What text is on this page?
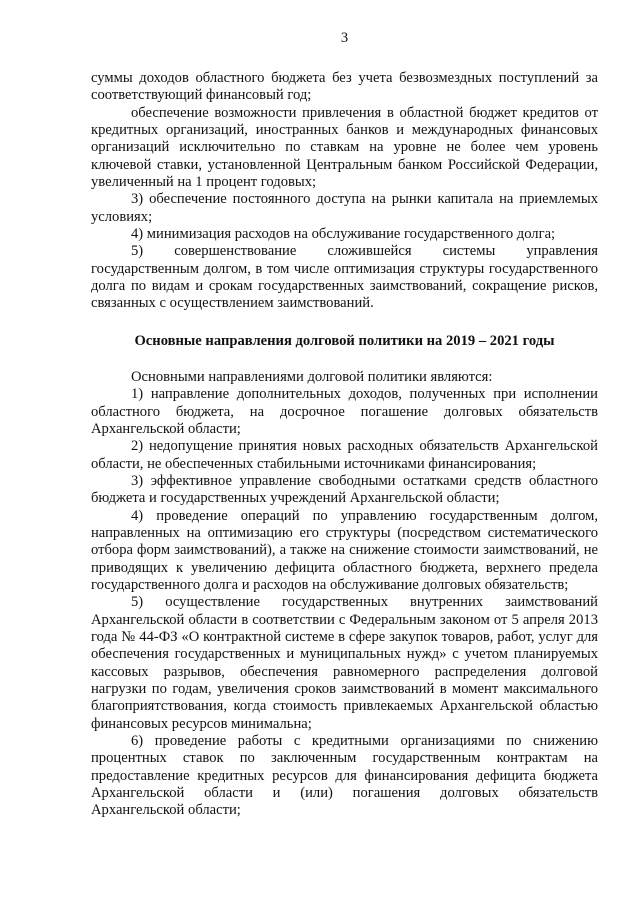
3

суммы доходов областного бюджета без учета безвозмездных поступлений за соответствующий финансовый год;

обеспечение возможности привлечения в областной бюджет кредитов от кредитных организаций, иностранных банков и международных финансовых организаций исключительно по ставкам на уровне не более чем уровень ключевой ставки, установленной Центральным банком Российской Федерации, увеличенный на 1 процент годовых;

3) обеспечение постоянного доступа на рынки капитала на приемлемых условиях;

4) минимизация расходов на обслуживание государственного долга;

5) совершенствование сложившейся системы управления государственным долгом, в том числе оптимизация структуры государственного долга по видам и срокам государственных заимствований, сокращение рисков, связанных с осуществлением заимствований.

Основные направления долговой политики на 2019 – 2021 годы

Основными направлениями долговой политики являются:

1) направление дополнительных доходов, полученных при исполнении областного бюджета, на досрочное погашение долговых обязательств Архангельской области;

2) недопущение принятия новых расходных обязательств Архангельской области, не обеспеченных стабильными источниками финансирования;

3) эффективное управление свободными остатками средств областного бюджета и государственных учреждений Архангельской области;

4) проведение операций по управлению государственным долгом, направленных на оптимизацию его структуры (посредством систематического отбора форм заимствований), а также на снижение стоимости заимствований, не приводящих к увеличению дефицита областного бюджета, верхнего предела государственного долга и расходов на обслуживание долговых обязательств;

5) осуществление государственных внутренних заимствований Архангельской области в соответствии с Федеральным законом от 5 апреля 2013 года № 44-ФЗ «О контрактной системе в сфере закупок товаров, работ, услуг для обеспечения государственных и муниципальных нужд» с учетом планируемых кассовых разрывов, обеспечения равномерного распределения долговой нагрузки по годам, увеличения сроков заимствований в момент максимального благоприятствования, когда стоимость привлекаемых Архангельской областью финансовых ресурсов минимальна;

6) проведение работы с кредитными организациями по снижению процентных ставок по заключенным государственным контрактам на предоставление кредитных ресурсов для финансирования дефицита бюджета Архангельской области и (или) погашения долговых обязательств Архангельской области;
